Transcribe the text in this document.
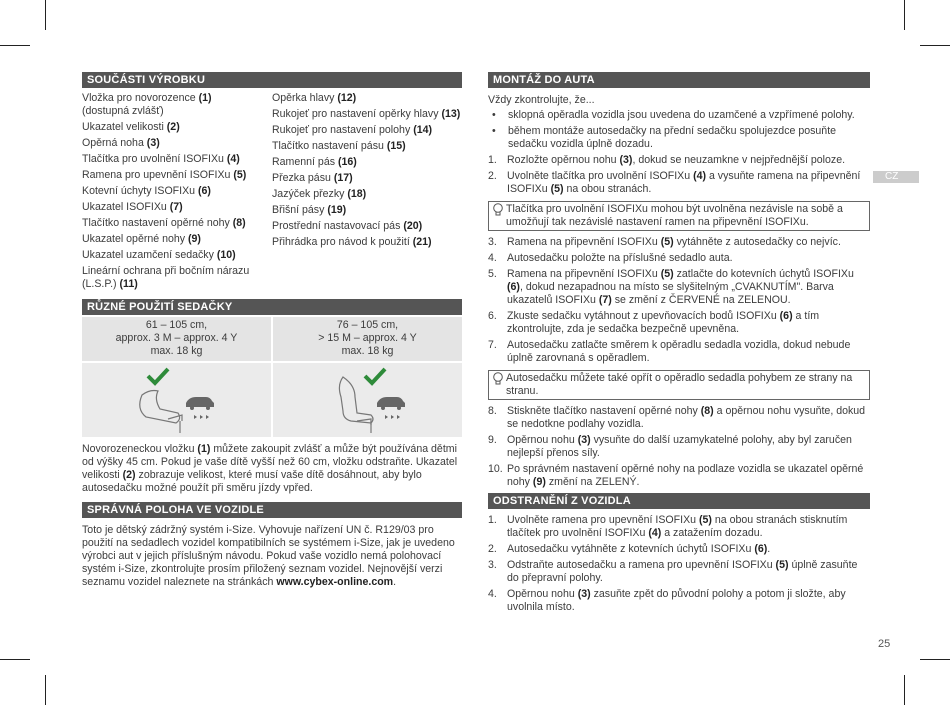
SOUČÁSTI VÝROBKU
Vložka pro novorozence (1)
(dostupná zvlášť)
Ukazatel velikosti (2)
Opěrná noha (3)
Tlačítka pro uvolnění ISOFIXu (4)
Ramena pro upevnění ISOFIXu (5)
Kotevní úchyty ISOFIXu (6)
Ukazatel ISOFIXu (7)
Tlačítko nastavení opěrné nohy (8)
Ukazatel opěrné nohy (9)
Ukazatel uzamčení sedačky (10)
Lineární ochrana při bočním nárazu (L.S.P.) (11)
Opěrka hlavy (12)
Rukojeť pro nastavení opěrky hlavy (13)
Rukojeť pro nastavení polohy (14)
Tlačítko nastavení pásu (15)
Ramenní pás (16)
Přezka pásu (17)
Jazýček přezky (18)
Břišní pásy (19)
Prostřední nastavovací pás (20)
Přihrádka pro návod k použití (21)
RŮZNÉ POUŽITÍ SEDAČKY
61 – 105 cm,
approx. 3 M – approx. 4 Y
max. 18 kg
76 – 105 cm,
> 15 M – approx. 4 Y
max. 18 kg
Novorozeneckou vložku (1) můžete zakoupit zvlášť a může být používána dětmi od výšky 45 cm. Pokud je vaše dítě vyšší než 60 cm, vložku odstraňte. Ukazatel velikosti (2) zobrazuje velikost, které musí vaše dítě dosáhnout, aby bylo autosedačku možné použít při směru jízdy vpřed.
SPRÁVNÁ POLOHA VE VOZIDLE
Toto je dětský zádržný systém i-Size. Vyhovuje nařízení UN č. R129/03 pro použití na sedadlech vozidel kompatibilních se systémem i-Size, jak je uvedeno výrobci aut v jejich příslušným návodu. Pokud vaše vozidlo nemá polohovací systém i-Size, zkontrolujte prosím přiložený seznam vozidel. Nejnovější verzi seznamu vozidel naleznete na stránkách www.cybex-online.com.
MONTÁŽ DO AUTA
Vždy zkontrolujte, že...
• sklopná opěradla vozidla jsou uvedena do uzamčené a vzpřímené polohy.
• během montáže autosedačky na přední sedačku spolujezdce posuňte sedačku vozidla úplně dozadu.
1. Rozložte opěrnou nohu (3), dokud se neuzamkne v nejpřednější poloze.
2. Uvolněte tlačítka pro uvolnění ISOFIXu (4) a vysuňte ramena na připevnění ISOFIXu (5) na obou stranách.
Tlačítka pro uvolnění ISOFIXu mohou být uvolněna nezávisle na sobě a umožňují tak nezávislé nastavení ramen na připevnění ISOFIXu.
3. Ramena na připevnění ISOFIXu (5) vytáhněte z autosedačky co nejvíc.
4. Autosedačku položte na příslušné sedadlo auta.
5. Ramena na připevnění ISOFIXu (5) zatlačte do kotevních úchytů ISOFIXu (6), dokud nezapadnou na místo se slyšitelným „CVAKNUTÍM". Barva ukazatelů ISOFIXu (7) se změní z ČERVENÉ na ZELENOU.
6. Zkuste sedačku vytáhnout z upevňovacích bodů ISOFIXu (6) a tím zkontrolujte, zda je sedačka bezpečně upevněna.
7. Autosedačku zatlačte směrem k opěradlu sedadla vozidla, dokud nebude úplně zarovnaná s opěradlem.
Autosedačku můžete také opřít o opěradlo sedadla pohybem ze strany na stranu.
8. Stiskněte tlačítko nastavení opěrné nohy (8) a opěrnou nohu vysuňte, dokud se nedotkne podlahy vozidla.
9. Opěrnou nohu (3) vysuňte do další uzamykatelné polohy, aby byl zaručen nejlepší přenos síly.
10. Po správném nastavení opěrné nohy na podlaze vozidla se ukazatel opěrné nohy (9) změní na ZELENÝ.
ODSTRANĚNÍ Z VOZIDLA
1. Uvolněte ramena pro upevnění ISOFIXu (5) na obou stranách stisknutím tlačítek pro uvolnění ISOFIXu (4) a zatažením dozadu.
2. Autosedačku vytáhněte z kotevních úchytů ISOFIXu (6).
3. Odstraňte autosedačku a ramena pro upevnění ISOFIXu (5) úplně zasuňte do přepravní polohy.
4. Opěrnou nohu (3) zasuňte zpět do původní polohy a potom ji složte, aby uvolnila místo.
CZ
25
